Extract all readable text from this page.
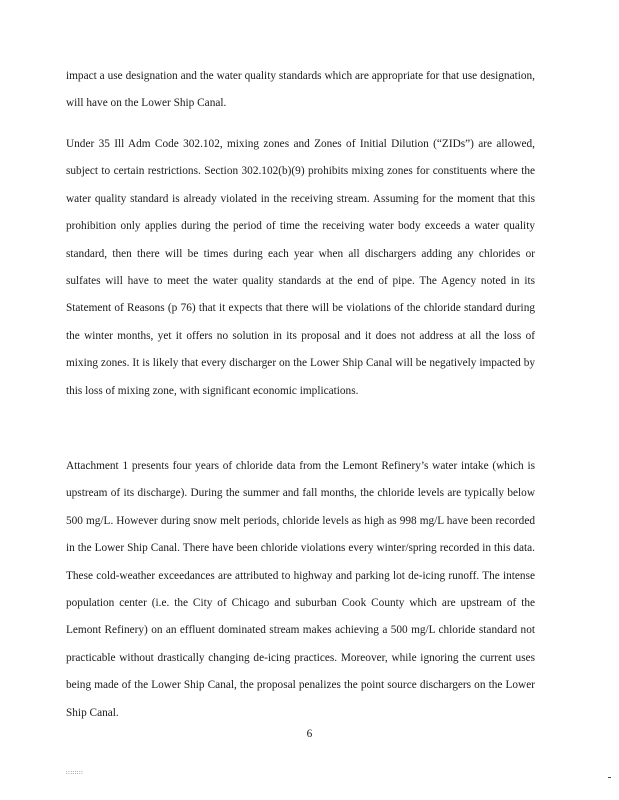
impact a use designation and the water quality standards which are appropriate for that use designation, will have on the Lower Ship Canal.

Under 35 Ill Adm Code 302.102, mixing zones and Zones of Initial Dilution (“ZIDs”) are allowed, subject to certain restrictions. Section 302.102(b)(9) prohibits mixing zones for constituents where the water quality standard is already violated in the receiving stream. Assuming for the moment that this prohibition only applies during the period of time the receiving water body exceeds a water quality standard, then there will be times during each year when all dischargers adding any chlorides or sulfates will have to meet the water quality standards at the end of pipe. The Agency noted in its Statement of Reasons (p 76) that it expects that there will be violations of the chloride standard during the winter months, yet it offers no solution in its proposal and it does not address at all the loss of mixing zones. It is likely that every discharger on the Lower Ship Canal will be negatively impacted by this loss of mixing zone, with significant economic implications.

Attachment 1 presents four years of chloride data from the Lemont Refinery’s water intake (which is upstream of its discharge). During the summer and fall months, the chloride levels are typically below 500 mg/L. However during snow melt periods, chloride levels as high as 998 mg/L have been recorded in the Lower Ship Canal. There have been chloride violations every winter/spring recorded in this data. These cold-weather exceedances are attributed to highway and parking lot de-icing runoff. The intense population center (i.e. the City of Chicago and suburban Cook County which are upstream of the Lemont Refinery) on an effluent dominated stream makes achieving a 500 mg/L chloride standard not practicable without drastically changing de-icing practices. Moreover, while ignoring the current uses being made of the Lower Ship Canal, the proposal penalizes the point source dischargers on the Lower Ship Canal.

6
::::::::
